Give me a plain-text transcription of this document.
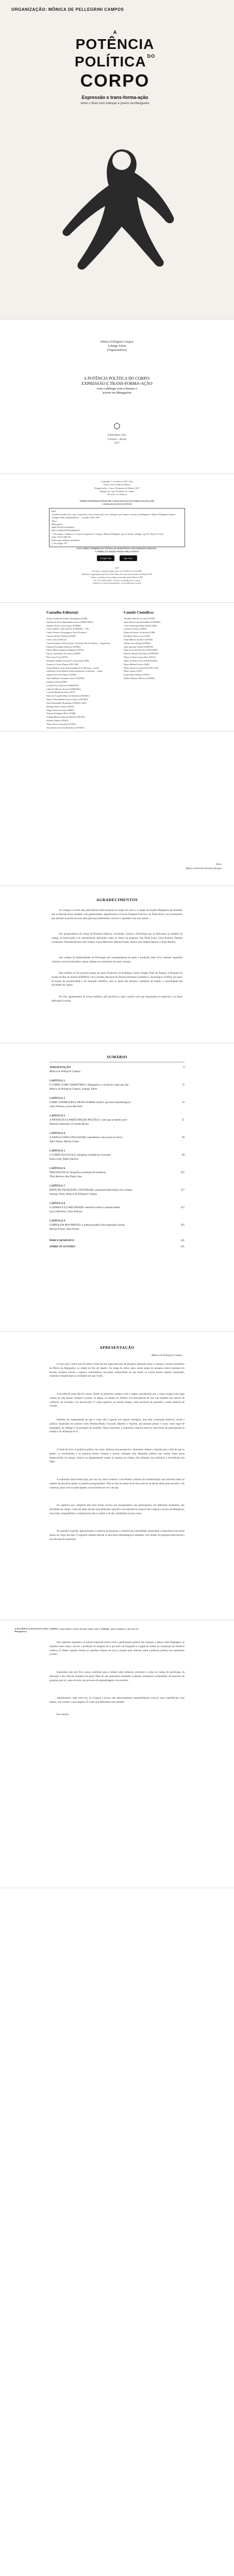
ORGANIZAÇÃO: MÔNICA DE PELLEGRINI CAMPOS
A
POTÊNCIA
POLÍTICA $^{DO}$
CORPO
Expressão e trans-forma-ação
entre o título com crianças e jovens na Mangueira
Mônica Pellegrini Campos
Solange Jobim
(Organizadores)
A POTÊNCIA POLÍTICA DO CORPO:
EXPRESSÃO E TRANS-FORMA-AÇÃO
com o diálogo com crianças e
jovens na Mangueira
EDITORA CRV
Curitiba – Brasil
2017
Copyright © da Editora CRV Ltda.
Editor-chefe: Railson Moura
Diagramação e Capa: Designers da Editora CRV
Imagem da capa: Pesquisa de Campo
Revisão: Os Autores
DADOS INTERNACIONAIS DE CATALOGAÇÃO NA PUBLICAÇÃO (CIP)
CATALOGAÇÃO NA FONTE
P861
A potência política do corpo: expressão e trans-forma-ação com o diálogo com crianças e jovens na Mangueira / Mônica Pellegrini Campos, Solange Jobim (organizadoras). – Curitiba: CRV, 2017.
198 p.
Bibliografia
ISBN 978-85-444-0000-0
DOI 10.24824/978854440000.0
1. Psicologia 2. Infância 3. Corpo 4. Expressão I. Campos, Mônica Pellegrini. org. II. Jobim, Solange. org. III. Título IV. Série
CDU 159.9 CDD 150
Índice para catálogo sistemático
1. Psicologia 150
ESTA OBRA TAMBÉM ENCONTRA-SE DISPONÍVEL EM FORMATO DIGITAL.
CONHEÇA E BAIXE NOSSO APLICATIVO!
Google Play	App Store
2017
Foi feito o depósito legal conf. Lei 10.994 de 14/12/2004
Proibida a reprodução parcial ou total desta obra sem autorização da Editora CRV
Todos os direitos desta edição reservados pela: Editora CRV
Tel.: (41) 3039-6418 – E-mail: sac@editoracrv.com.br
Conheça os nossos lançamentos: www.editoracrv.com.br
Conselho Editorial:	Comitê Científico:
Aldira Guimarães Duarte Domínguez (UNB)
Andréia da Silva Quintanilha Sousa (UNIR/UFRN)
Antônio Pereira Gaio Júnior (UFRRJ)
Carlos Alberto Vilar Estêvão (UMINHO – PT)
Carlos Federico Dominguez Avila (Unieuro)
Carmen Tereza Velanga (UNIR)
Celso Conti (UFSCar)
Cesar Gerónimo Tello (Univer. Nacional Três de Febrero – Argentina)
Eduardo Fernandes Barbosa (UFMG)
Elione Maria Nogueira Diogenes (UFAL)
Elizeu Clementino de Souza (UNEB)
Élsio José Corá (UFFS)
Fernando Antônio Gonçalves Alcoforado (IPB)
Francisco Carlos Duarte (PUC-PR)
Gloria Fariñas León (Universidade de La Havana – Cuba)
Guillermo Arias Beatón (Universidade de La Havana – Cuba)
Jailson Alves dos Santos (UFRJ)
João Adalberto Campato Junior (UNESP)
Josania Portela (UFPI)
Leonel Severo Rocha (UNISINOS)
Lídia de Oliveira Xavier (UNIEURO)
Lourdes Helena da Silva (UFV)
Maria de Lourdes Pinto de Almeida (UNOESC)
Maria Lília Imbiriba Sousa Colares (UFOPA)
Paulo Romualdo Hernandes (UNIFAL-MG)
Rodrigo Pratte-Santos (UFES)
Sérgio Nunes de Jesus (IFRO)
Simone Rodrigues Pinto (UNB)
Solange Helena Ximenes-Rocha (UFOPA)
Sydione Santos (UEPG)
Tadeu Oliver Gonçalves (UFPA)
Tania Suely Azevedo Brasileiro (UFOPA)
Abrahão Marcelo da Silva (UFPE)
Anna Maria Lunardi Padilha (UNIMEP)
Carlos Henrique Bahia (UNICAMP)
Cristina Zacarias (UFPE)
Eliane de Souza Cavalcante (UPE)
Elisabete Franco Cruz (USP)
Iolete Ribeiro da Silva (UFAM)
Jatiane Lino Bringel (UFMS)
Julia Agostini Cebalo (FAPESP)
Kátia Lúcia de Oliveira (UNICAMP)
Marcelo Brasil Sant'Anna (UNIFESP)
Maria Cristina Lopes Silva (UFSC)
Maria da Penha Nery (UNICEUMA)
Maria Helena Fávero (UnB)
Maria Teresa Lacerda Leite (PUC-SP)
Nilza Gomes (USF)
Sonia Mara Ornelas (UFPA)
Zildete Pinheiro Moreira (UFMG)
Para
Maria Gabriela Portela Borges
AGRADECIMENTOS

As crianças e jovens que participaram desta pesquisa ao longo dos anos e à equipe do projeto Mangueira do Amanhã, que acolheram nosso trabalho com generosidade. Agradecemos à Escola Estadual Francisco de Paula Brito e aos professores que abriram as portas de suas salas para que pudéssemos conviver e aprender com seus alunos.

Aos pesquisadores do Grupo de Pesquisa Infância, Juventude, Cultura e Psicologia que se dedicaram ao trabalho de campo, às transcrições e às intermináveis discussões sobre os rumos da pesquisa: Ana Paula Lima, Clara Pedrosa, Daniela Guimarães, Fernanda Rocha, Júlia Vianna, Lucas Meirelles, Marina Fontes, Paula Lobo, Rafael Queiroz e Thaís Barreto.

Aos colegas do Departamento de Psicologia que acompanharam de perto a produção deste livro, fazendo sugestões valiosas e nos incentivando a seguir adiante nos momentos de maior cansaço.

Este trabalho só foi possível graças ao apoio financeiro da Fundação Carlos Chagas Filho de Amparo à Pesquisa do Estado do Rio de Janeiro (FAPERJ) e do Conselho Nacional de Desenvolvimento Científico e Tecnológico (CNPq), por meio de bolsas de produtividade e de iniciação científica, sem as quais não teríamos condições de manter a continuidade das atividades de campo.

Por fim, agradecemos às nossas famílias, pela paciência e pelo carinho com que suportaram as ausências e as horas dedicadas à escrita.

SUMÁRIO
APRESENTAÇÃO	9
Mônica de Pellegrini Campos
CAPÍTULO 1
O CORPO COMO TERRITÓRIO: a Mangueira e a escuta do corpo que fala	15
Mônica de Pellegrini Campos, Solange Jobim
CAPÍTULO 2
CORPO, EXPRESSÃO E TRANS-FORMA-AÇÃO: percursos metodológicos	33
Clara Pedrosa, Lucas Meirelles
CAPÍTULO 3
A INFÂNCIA E A PARTICIPAÇÃO POLÍTICA: vozes que se fazem ouvir	51
Daniela Guimarães, Fernanda Rocha
CAPÍTULO 4
A DANÇA COMO LINGUAGEM: experiências com jovens no morro	69
Júlia Vianna, Marina Fontes
CAPÍTULO 5
O CORPO NA ESCOLA: disciplina, resistência e invenção	89
Paula Lobo, Rafael Queiroz
CAPÍTULO 6
IMAGENS DE SI: fotografia e produção de narrativas	107
Thaís Barreto, Ana Paula Lima
CAPÍTULO 7
BRINCAR, PESQUISAR, CONVERSAR: a pesquisa-intervenção com crianças	127
Solange Jobim, Mônica de Pellegrini Campos
CAPÍTULO 8
O SAMBA E A COMUNIDADE: memória coletiva e pertencimento	147
Lucas Meirelles, Clara Pedrosa
CAPÍTULO 9
CORPOS EM MOVIMENTO: a potência política das expressões juvenis	165
Marina Fontes, Júlia Vianna
ÍNDICE REMISSIVO	185
SOBRE OS AUTORES	191
APRESENTAÇÃO
Mônica de Pellegrini Campos

O livro que o leitor tem em mãos é fruto de um longo percurso de pesquisa realizado junto a crianças e jovens moradores do Morro da Mangueira, na cidade do Rio de Janeiro. Ao longo de vários anos, nosso grupo de pesquisa esteve presente em escolas, projetos sociais e espaços comunitários, buscando compreender de que modo os corpos desses sujeitos expressam, resistem e transformam as condições em que vivem.

A escolha do tema não foi casual. Desde os primeiros contatos com o campo, percebemos que o corpo ocupava um lugar central na vida dessas crianças e jovens: na dança, no samba, no futebol, nas brincadeiras de rua, mas também nas marcas da violência, da exclusão e do preconceito. O corpo aparecia, ao mesmo tempo, como território de opressão e como potência de criação.

Partimos da compreensão de que o corpo não é apenas um suporte biológico, mas uma construção histórica, social e política. Inspiradas em autores como Merleau-Ponty, Foucault, Bakhtin e Vigotski, procuramos pensar o corpo como lugar de linguagem, de diálogo e de produção de sentidos. Nesse horizonte, a expressão corporal torna-se uma forma de participação no mundo e de afirmação de si.

O título do livro, A potência política do corpo, sintetiza essa perspectiva. Queremos chamar a atenção para o fato de que os gestos, os movimentos e as posturas dessas crianças e jovens carregam uma dimensão política que muitas vezes passa despercebida. Ao dançar, brincar ou simplesmente ocupar os espaços da cidade, eles afirmam sua existência e reivindicam um lugar.

A expressão trans-forma-ação, por sua vez, busca traduzir o movimento contínuo de transformação que atravessa tanto os sujeitos da pesquisa quanto os próprios pesquisadores. Não se trata de observar de fora, mas de se deixar afetar pelo encontro e de construir, junto com os participantes, novas formas de ver e de agir.

Os capítulos que compõem esta obra foram escritos por pesquisadores que participaram, em diferentes momentos, das atividades de campo. Cada um deles aborda uma dimensão específica da experiência corporal das crianças e jovens da Mangueira, mas todos compartilham o compromisso ético e político de dar visibilidade às suas vozes.

No primeiro capítulo, apresentamos o contexto da pesquisa e a história da comunidade, destacando a importância da escuta atenta do corpo que fala. O segundo capítulo discute os percursos metodológicos adotados, com ênfase na pesquisa-intervenção e nas oficinas de expressão.

A POTÊNCIA POLÍTICA DO CORPO: expressão e trans-forma-ação com o diálogo com crianças e jovens na Mangueira

Nos capítulos seguintes, os autores exploram temas como a participação política das crianças, a dança como linguagem, as relações entre corpo e escola, a produção de imagens de si por meio da fotografia e o papel do samba na construção da memória coletiva. O último capítulo retoma as questões centrais do livro e propõe uma reflexão sobre a potência política das expressões juvenis.

Esperamos que este livro possa contribuir para o debate sobre infância, juventude e corpo no campo da psicologia, da educação e das ciências humanas em geral. Mais do que apresentar resultados acabados, desejamos compartilhar um processo de pesquisa que foi, antes de tudo, um processo de aprendizagem e de encontro.

Agradecemos, mais uma vez, às crianças e jovens que generosamente compartilharam conosco suas experiências, seus medos, seus sonhos e suas alegrias. É a eles que dedicamos este trabalho.

Boa leitura!
